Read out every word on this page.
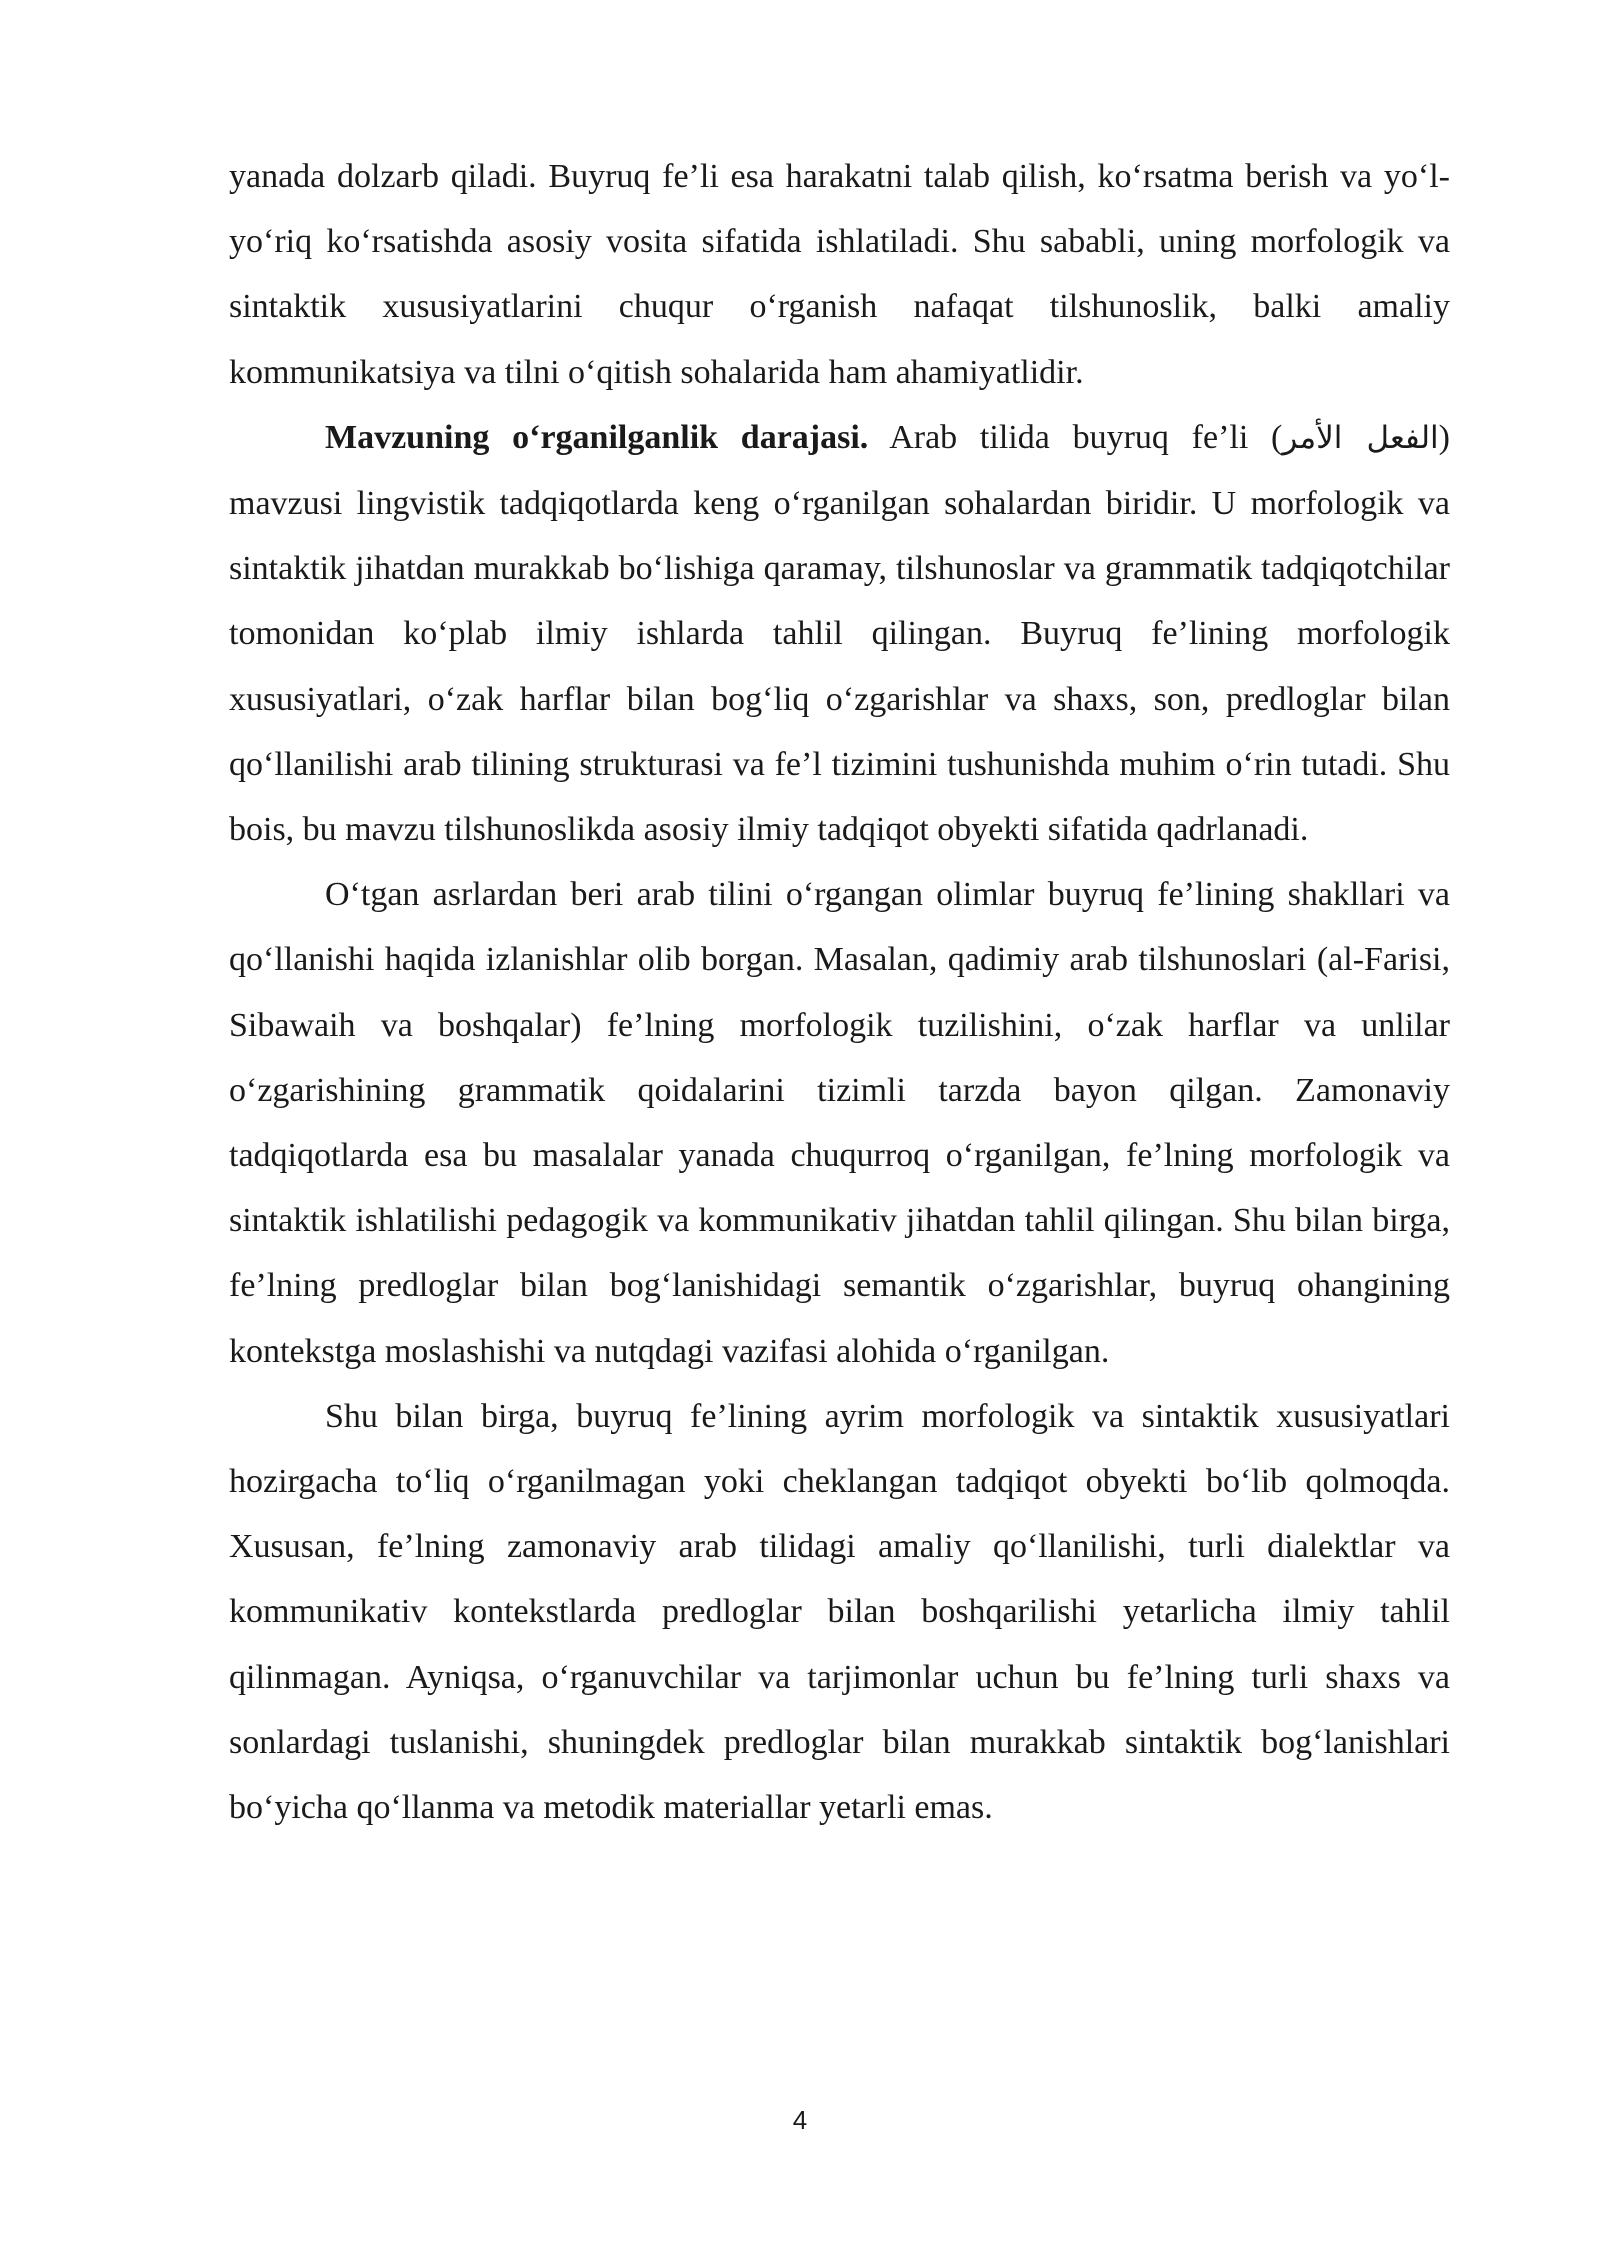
yanada dolzarb qiladi. Buyruq fe’li esa harakatni talab qilish, ko‘rsatma berish va yo‘l-yo‘riq ko‘rsatishda asosiy vosita sifatida ishlatiladi. Shu sababli, uning morfologik va sintaktik xususiyatlarini chuqur o‘rganish nafaqat tilshunoslik, balki amaliy kommunikatsiya va tilni o‘qitish sohalarida ham ahamiyatlidir.

Mavzuning o‘rganilganlik darajasi. Arab tilida buyruq fe’li (الفعل الأمر) mavzusi lingvistik tadqiqotlarda keng o‘rganilgan sohalardan biridir. U morfologik va sintaktik jihatdan murakkab bo‘lishiga qaramay, tilshunoslar va grammatik tadqiqotchilar tomonidan ko‘plab ilmiy ishlarda tahlil qilingan. Buyruq fe’lining morfologik xususiyatlari, o‘zak harflar bilan bog‘liq o‘zgarishlar va shaxs, son, predloglar bilan qo‘llanilishi arab tilining strukturasi va fe’l tizimini tushunishda muhim o‘rin tutadi. Shu bois, bu mavzu tilshunoslikda asosiy ilmiy tadqiqot obyekti sifatida qadrlanadi.

O‘tgan asrlardan beri arab tilini o‘rgangan olimlar buyruq fe’lining shakllari va qo‘llanishi haqida izlanishlar olib borgan. Masalan, qadimiy arab tilshunoslari (al-Farisi, Sibawaih va boshqalar) fe’lning morfologik tuzilishini, o‘zak harflar va unlilar o‘zgarishining grammatik qoidalarini tizimli tarzda bayon qilgan. Zamonaviy tadqiqotlarda esa bu masalalar yanada chuqurroq o‘rganilgan, fe’lning morfologik va sintaktik ishlatilishi pedagogik va kommunikativ jihatdan tahlil qilingan. Shu bilan birga, fe’lning predloglar bilan bog‘lanishidagi semantik o‘zgarishlar, buyruq ohangining kontekstga moslashishi va nutqdagi vazifasi alohida o‘rganilgan.

Shu bilan birga, buyruq fe’lining ayrim morfologik va sintaktik xususiyatlari hozirgacha to‘liq o‘rganilmagan yoki cheklangan tadqiqot obyekti bo‘lib qolmoqda. Xususan, fe’lning zamonaviy arab tilidagi amaliy qo‘llanilishi, turli dialektlar va kommunikativ kontekstlarda predloglar bilan boshqarilishi yetarlicha ilmiy tahlil qilinmagan. Ayniqsa, o‘rganuvchilar va tarjimonlar uchun bu fe’lning turli shaxs va sonlardagi tuslanishi, shuningdek predloglar bilan murakkab sintaktik bog‘lanishlari bo‘yicha qo‘llanma va metodik materiallar yetarli emas.

4
